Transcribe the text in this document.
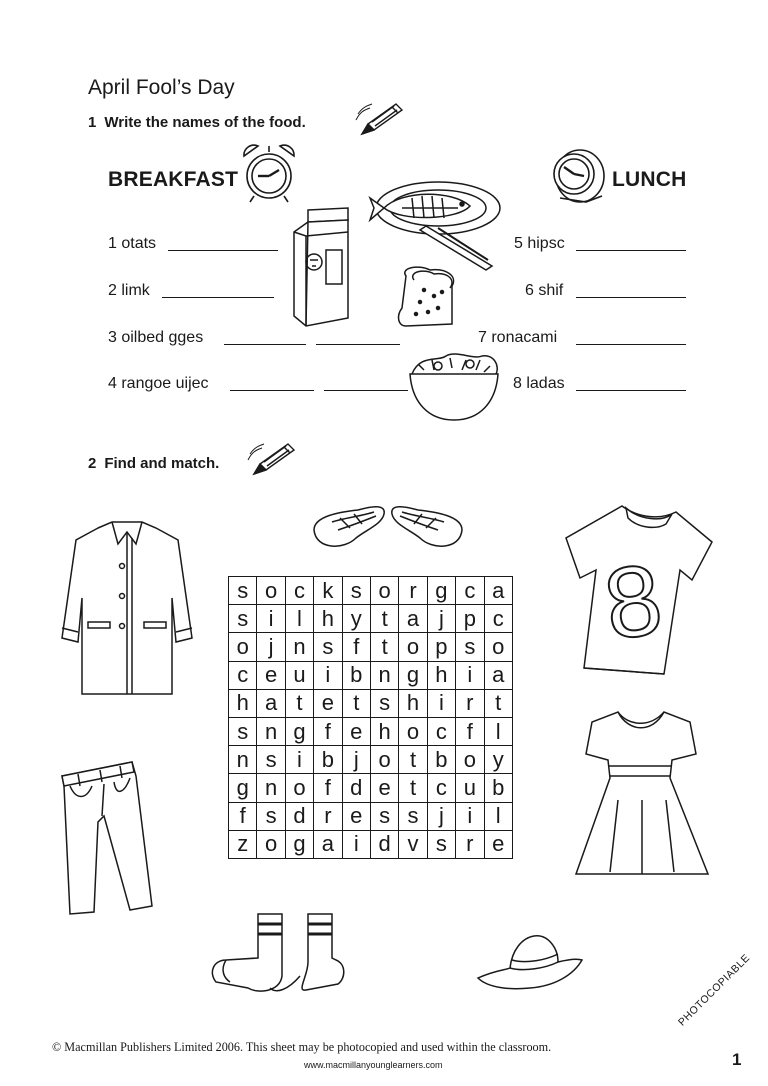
April Fool’s Day
1 Write the names of the food.
BREAKFAST	LUNCH
1 otats
2 limk
3 oilbed gges
4 rangoe uijec
5 hipsc
6 shif
7 ronacami
8 ladas
2 Find and match.
s	o	c	k	s	o	r	g	c	a
s	i	l	h	y	t	a	j	p	c
o	j	n	s	f	t	o	p	s	o
c	e	u	i	b	n	g	h	i	a
h	a	t	e	t	s	h	i	r	t
s	n	g	f	e	h	o	c	f	l
n	s	i	b	j	o	t	b	o	y
g	n	o	f	d	e	t	c	u	b
f	s	d	r	e	s	s	j	i	l
z	o	g	a	i	d	v	s	r	e
8
© Macmillan Publishers Limited 2006. This sheet may be photocopied and used within the classroom.
www.macmillanyounglearners.com
PHOTOCOPIABLE
1
